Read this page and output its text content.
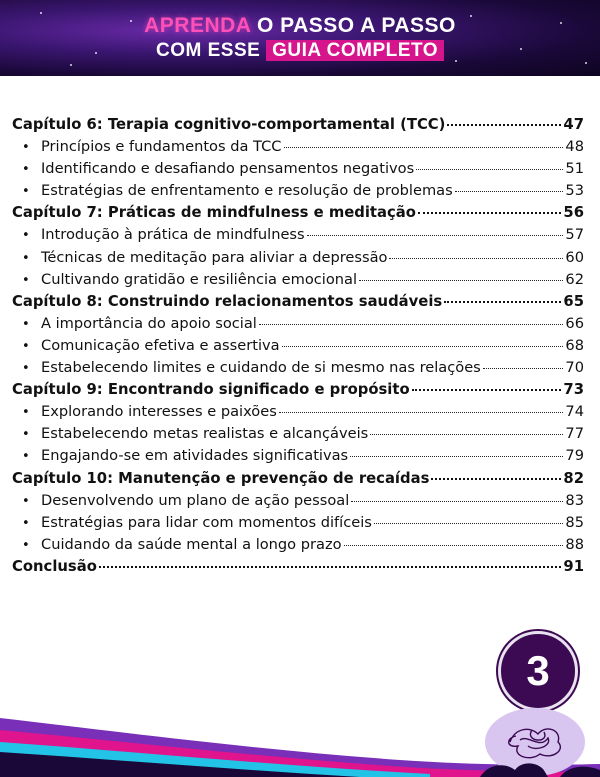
APRENDA O PASSO A PASSO
COM ESSE GUIA COMPLETO
Capítulo 6: Terapia cognitivo-comportamental (TCC)	47
• Princípios e fundamentos da TCC	48
• Identificando e desafiando pensamentos negativos	51
• Estratégias de enfrentamento e resolução de problemas	53
Capítulo 7: Práticas de mindfulness e meditação	56
• Introdução à prática de mindfulness	57
• Técnicas de meditação para aliviar a depressão	60
• Cultivando gratidão e resiliência emocional	62
Capítulo 8: Construindo relacionamentos saudáveis	65
• A importância do apoio social	66
• Comunicação efetiva e assertiva	68
• Estabelecendo limites e cuidando de si mesmo nas relações	70
Capítulo 9: Encontrando significado e propósito	73
• Explorando interesses e paixões	74
• Estabelecendo metas realistas e alcançáveis	77
• Engajando-se em atividades significativas	79
Capítulo 10: Manutenção e prevenção de recaídas	82
• Desenvolvendo um plano de ação pessoal	83
• Estratégias para lidar com momentos difíceis	85
• Cuidando da saúde mental a longo prazo	88
Conclusão	91
3
